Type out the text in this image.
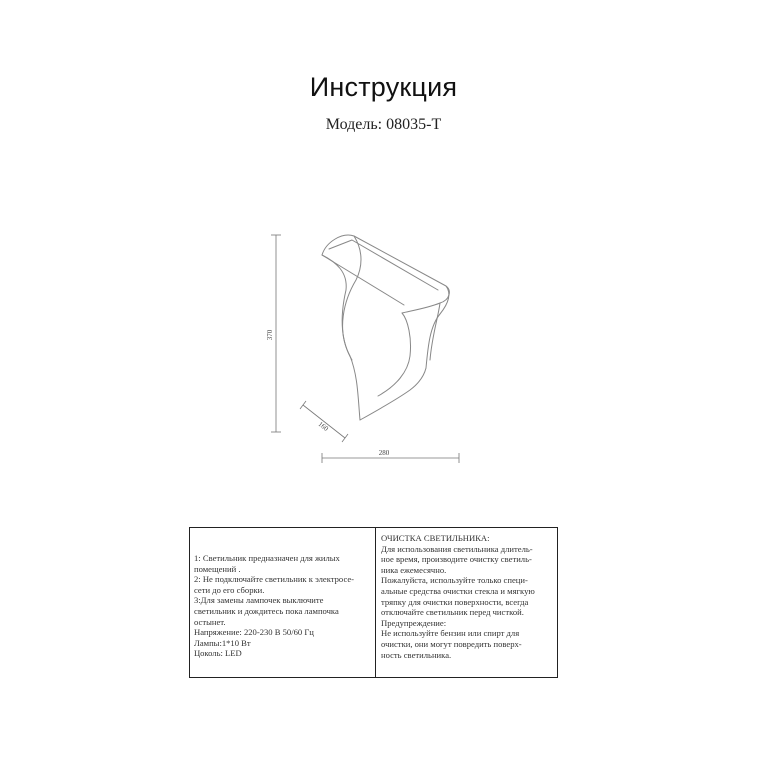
Инструкция
Модель: 08035-T
370
160
280
1: Светильник предназначен для жилых
помещений .
2: Не подключайте светильник к электросе-
сети до его сборки.
3:Для замены лампочек выключите
светильник и дождитесь пока лампочка
остынет.
Напряжение: 220-230 В 50/60 Гц
Лампы:1*10 Вт
Цоколь: LED
ОЧИСТКА СВЕТИЛЬНИКА:
Для использования светильника длитель-
ное время, производите очистку светиль-
ника ежемесячно.
Пожалуйста, используйте только специ-
альные средства очистки стекла и мягкую
тряпку для очистки поверхности, всегда
отключайте светильник перед чисткой.
Предупреждение:
Не используйте бензин или спирт для
очистки, они могут повредить поверх-
ность светильника.
